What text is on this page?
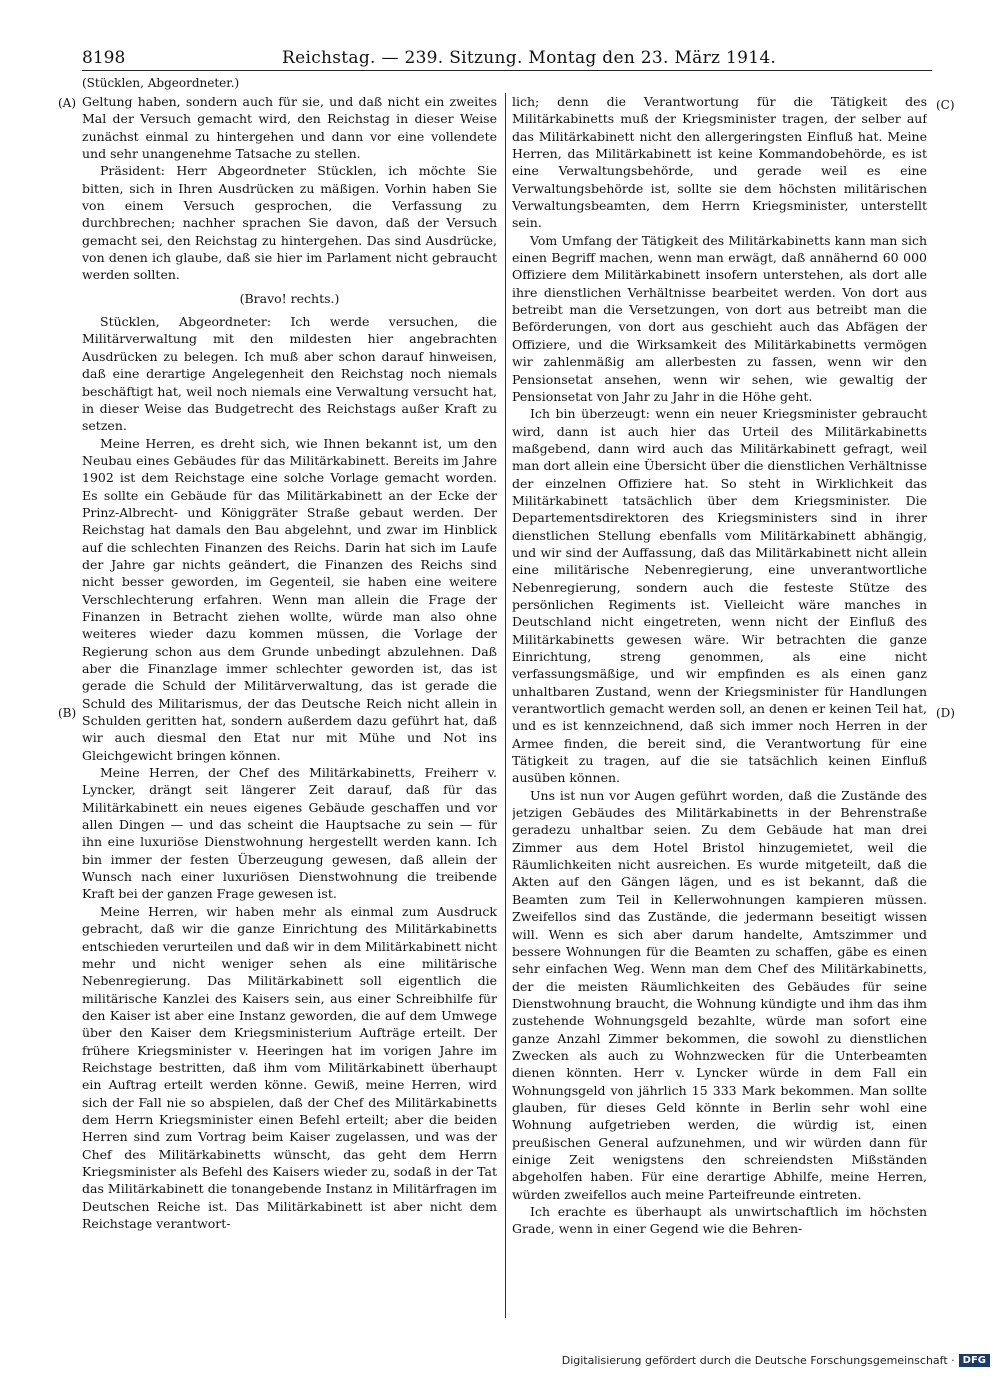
8198	Reichstag. — 239. Sitzung. Montag den 23. März 1914.
(Stücklen, Abgeordneter.)
(A)
(B)
(C)
(D)

Geltung haben, sondern auch für sie, und daß nicht ein zweites Mal der Versuch gemacht wird, den Reichstag in dieser Weise zunächst einmal zu hintergehen und dann vor eine vollendete und sehr unangenehme Tatsache zu stellen.

Präsident: Herr Abgeordneter Stücklen, ich möchte Sie bitten, sich in Ihren Ausdrücken zu mäßigen. Vorhin haben Sie von einem Versuch gesprochen, die Verfassung zu durchbrechen; nachher sprachen Sie davon, daß der Versuch gemacht sei, den Reichstag zu hintergehen. Das sind Ausdrücke, von denen ich glaube, daß sie hier im Parlament nicht gebraucht werden sollten.

(Bravo! rechts.)

Stücklen, Abgeordneter: Ich werde versuchen, die Militärverwaltung mit den mildesten hier angebrachten Ausdrücken zu belegen. Ich muß aber schon darauf hinweisen, daß eine derartige Angelegenheit den Reichstag noch niemals beschäftigt hat, weil noch niemals eine Verwaltung versucht hat, in dieser Weise das Budgetrecht des Reichstags außer Kraft zu setzen.

Meine Herren, es dreht sich, wie Ihnen bekannt ist, um den Neubau eines Gebäudes für das Militärkabinett. Bereits im Jahre 1902 ist dem Reichstage eine solche Vorlage gemacht worden. Es sollte ein Gebäude für das Militärkabinett an der Ecke der Prinz-Albrecht- und Königgräter Straße gebaut werden. Der Reichstag hat damals den Bau abgelehnt, und zwar im Hinblick auf die schlechten Finanzen des Reichs. Darin hat sich im Laufe der Jahre gar nichts geändert, die Finanzen des Reichs sind nicht besser geworden, im Gegenteil, sie haben eine weitere Verschlechterung erfahren. Wenn man allein die Frage der Finanzen in Betracht ziehen wollte, würde man also ohne weiteres wieder dazu kommen müssen, die Vorlage der Regierung schon aus dem Grunde unbedingt abzulehnen. Daß aber die Finanzlage immer schlechter geworden ist, das ist gerade die Schuld der Militärverwaltung, das ist gerade die Schuld des Militarismus, der das Deutsche Reich nicht allein in Schulden geritten hat, sondern außerdem dazu geführt hat, daß wir auch diesmal den Etat nur mit Mühe und Not ins Gleichgewicht bringen können.

Meine Herren, der Chef des Militärkabinetts, Freiherr v. Lyncker, drängt seit längerer Zeit darauf, daß für das Militärkabinett ein neues eigenes Gebäude geschaffen und vor allen Dingen — und das scheint die Hauptsache zu sein — für ihn eine luxuriöse Dienstwohnung hergestellt werden kann. Ich bin immer der festen Überzeugung gewesen, daß allein der Wunsch nach einer luxuriösen Dienstwohnung die treibende Kraft bei der ganzen Frage gewesen ist.

Meine Herren, wir haben mehr als einmal zum Ausdruck gebracht, daß wir die ganze Einrichtung des Militärkabinetts entschieden verurteilen und daß wir in dem Militärkabinett nicht mehr und nicht weniger sehen als eine militärische Nebenregierung. Das Militärkabinett soll eigentlich die militärische Kanzlei des Kaisers sein, aus einer Schreibhilfe für den Kaiser ist aber eine Instanz geworden, die auf dem Umwege über den Kaiser dem Kriegsministerium Aufträge erteilt. Der frühere Kriegsminister v. Heeringen hat im vorigen Jahre im Reichstage bestritten, daß ihm vom Militärkabinett überhaupt ein Auftrag erteilt werden könne. Gewiß, meine Herren, wird sich der Fall nie so abspielen, daß der Chef des Militärkabinetts dem Herrn Kriegsminister einen Befehl erteilt; aber die beiden Herren sind zum Vortrag beim Kaiser zugelassen, und was der Chef des Militärkabinetts wünscht, das geht dem Herrn Kriegsminister als Befehl des Kaisers wieder zu, sodaß in der Tat das Militärkabinett die tonangebende Instanz in Militärfragen im Deutschen Reiche ist. Das Militärkabinett ist aber nicht dem Reichstage verantwort-

lich; denn die Verantwortung für die Tätigkeit des Militärkabinetts muß der Kriegsminister tragen, der selber auf das Militärkabinett nicht den allergeringsten Einfluß hat. Meine Herren, das Militärkabinett ist keine Kommandobehörde, es ist eine Verwaltungsbehörde, und gerade weil es eine Verwaltungsbehörde ist, sollte sie dem höchsten militärischen Verwaltungsbeamten, dem Herrn Kriegsminister, unterstellt sein.

Vom Umfang der Tätigkeit des Militärkabinetts kann man sich einen Begriff machen, wenn man erwägt, daß annähernd 60 000 Offiziere dem Militärkabinett insofern unterstehen, als dort alle ihre dienstlichen Verhältnisse bearbeitet werden. Von dort aus betreibt man die Versetzungen, von dort aus betreibt man die Beförderungen, von dort aus geschieht auch das Abfägen der Offiziere, und die Wirksamkeit des Militärkabinetts vermögen wir zahlenmäßig am allerbesten zu fassen, wenn wir den Pensionsetat ansehen, wenn wir sehen, wie gewaltig der Pensionsetat von Jahr zu Jahr in die Höhe geht.

Ich bin überzeugt: wenn ein neuer Kriegsminister gebraucht wird, dann ist auch hier das Urteil des Militärkabinetts maßgebend, dann wird auch das Militärkabinett gefragt, weil man dort allein eine Übersicht über die dienstlichen Verhältnisse der einzelnen Offiziere hat. So steht in Wirklichkeit das Militärkabinett tatsächlich über dem Kriegsminister. Die Departementsdirektoren des Kriegsministers sind in ihrer dienstlichen Stellung ebenfalls vom Militärkabinett abhängig, und wir sind der Auffassung, daß das Militärkabinett nicht allein eine militärische Nebenregierung, eine unverantwortliche Nebenregierung, sondern auch die festeste Stütze des persönlichen Regiments ist. Vielleicht wäre manches in Deutschland nicht eingetreten, wenn nicht der Einfluß des Militärkabinetts gewesen wäre. Wir betrachten die ganze Einrichtung, streng genommen, als eine nicht verfassungsmäßige, und wir empfinden es als einen ganz unhaltbaren Zustand, wenn der Kriegsminister für Handlungen verantwortlich gemacht werden soll, an denen er keinen Teil hat, und es ist kennzeichnend, daß sich immer noch Herren in der Armee finden, die bereit sind, die Verantwortung für eine Tätigkeit zu tragen, auf die sie tatsächlich keinen Einfluß ausüben können.

Uns ist nun vor Augen geführt worden, daß die Zustände des jetzigen Gebäudes des Militärkabinetts in der Behrenstraße geradezu unhaltbar seien. Zu dem Gebäude hat man drei Zimmer aus dem Hotel Bristol hinzugemietet, weil die Räumlichkeiten nicht ausreichen. Es wurde mitgeteilt, daß die Akten auf den Gängen lägen, und es ist bekannt, daß die Beamten zum Teil in Kellerwohnungen kampieren müssen. Zweifellos sind das Zustände, die jedermann beseitigt wissen will. Wenn es sich aber darum handelte, Amtszimmer und bessere Wohnungen für die Beamten zu schaffen, gäbe es einen sehr einfachen Weg. Wenn man dem Chef des Militärkabinetts, der die meisten Räumlichkeiten des Gebäudes für seine Dienstwohnung braucht, die Wohnung kündigte und ihm das ihm zustehende Wohnungsgeld bezahlte, würde man sofort eine ganze Anzahl Zimmer bekommen, die sowohl zu dienstlichen Zwecken als auch zu Wohnzwecken für die Unterbeamten dienen könnten. Herr v. Lyncker würde in dem Fall ein Wohnungsgeld von jährlich 15 333 Mark bekommen. Man sollte glauben, für dieses Geld könnte in Berlin sehr wohl eine Wohnung aufgetrieben werden, die würdig ist, einen preußischen General aufzunehmen, und wir würden dann für einige Zeit wenigstens den schreiendsten Mißständen abgeholfen haben. Für eine derartige Abhilfe, meine Herren, würden zweifellos auch meine Parteifreunde eintreten.

Ich erachte es überhaupt als unwirtschaftlich im höchsten Grade, wenn in einer Gegend wie die Behren-

Digitalisierung gefördert durch die Deutsche Forschungsgemeinschaft · DFG
